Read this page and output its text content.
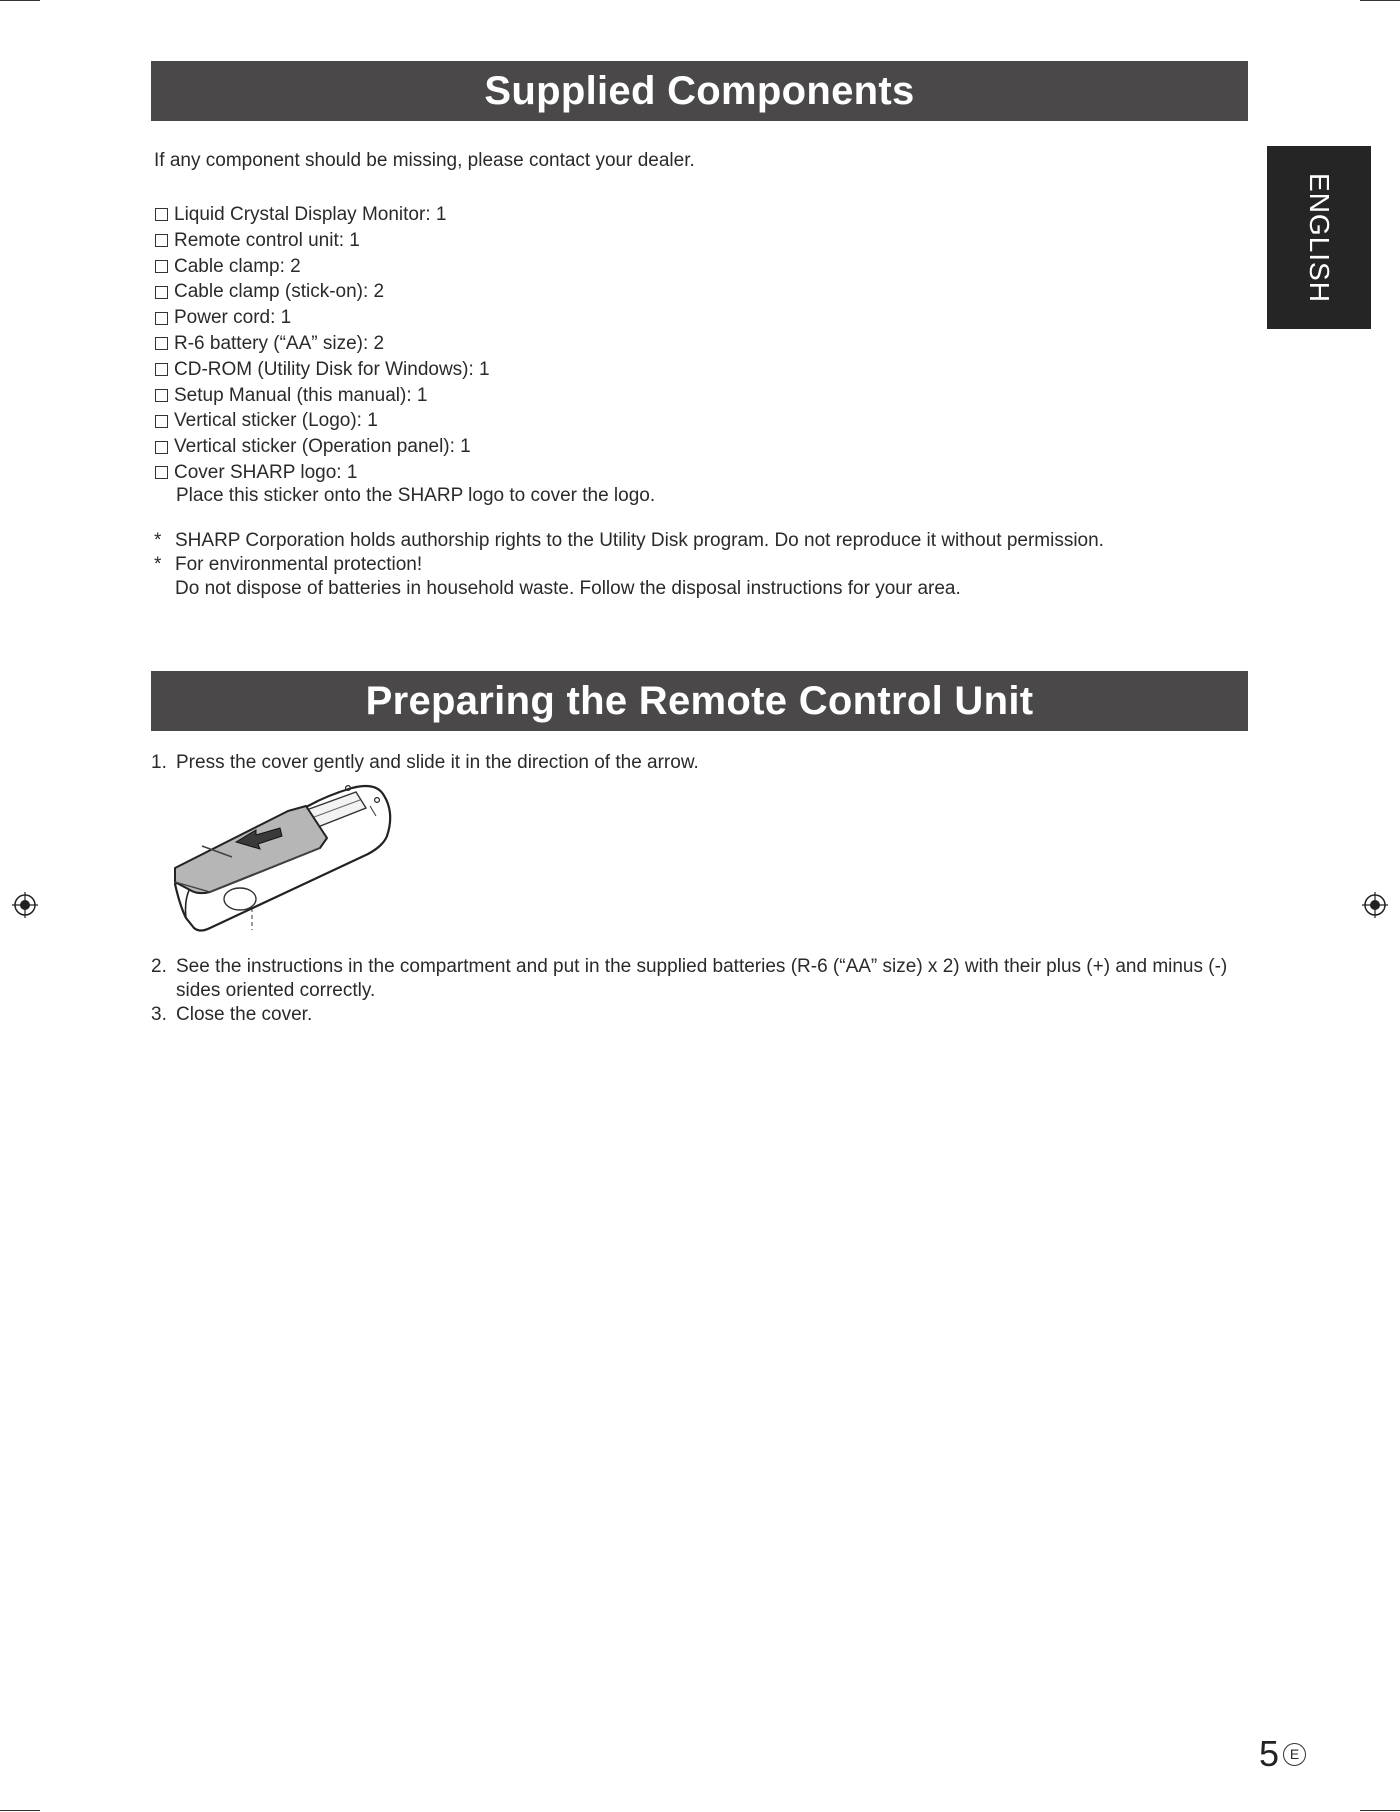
Supplied Components
If any component should be missing, please contact your dealer.
Liquid Crystal Display Monitor: 1
Remote control unit: 1
Cable clamp: 2
Cable clamp (stick-on): 2
Power cord: 1
R-6 battery (“AA” size): 2
CD-ROM (Utility Disk for Windows): 1
Setup Manual (this manual): 1
Vertical sticker (Logo): 1
Vertical sticker (Operation panel): 1
Cover SHARP logo: 1
Place this sticker onto the SHARP logo to cover the logo.
* SHARP Corporation holds authorship rights to the Utility Disk program. Do not reproduce it without permission.
* For environmental protection!
Do not dispose of batteries in household waste. Follow the disposal instructions for your area.
Preparing the Remote Control Unit
1. Press the cover gently and slide it in the direction of the arrow.
2. See the instructions in the compartment and put in the supplied batteries (R-6 (“AA” size) x 2) with their plus (+) and minus (-) sides oriented correctly.
3. Close the cover.
ENGLISH
5 E
